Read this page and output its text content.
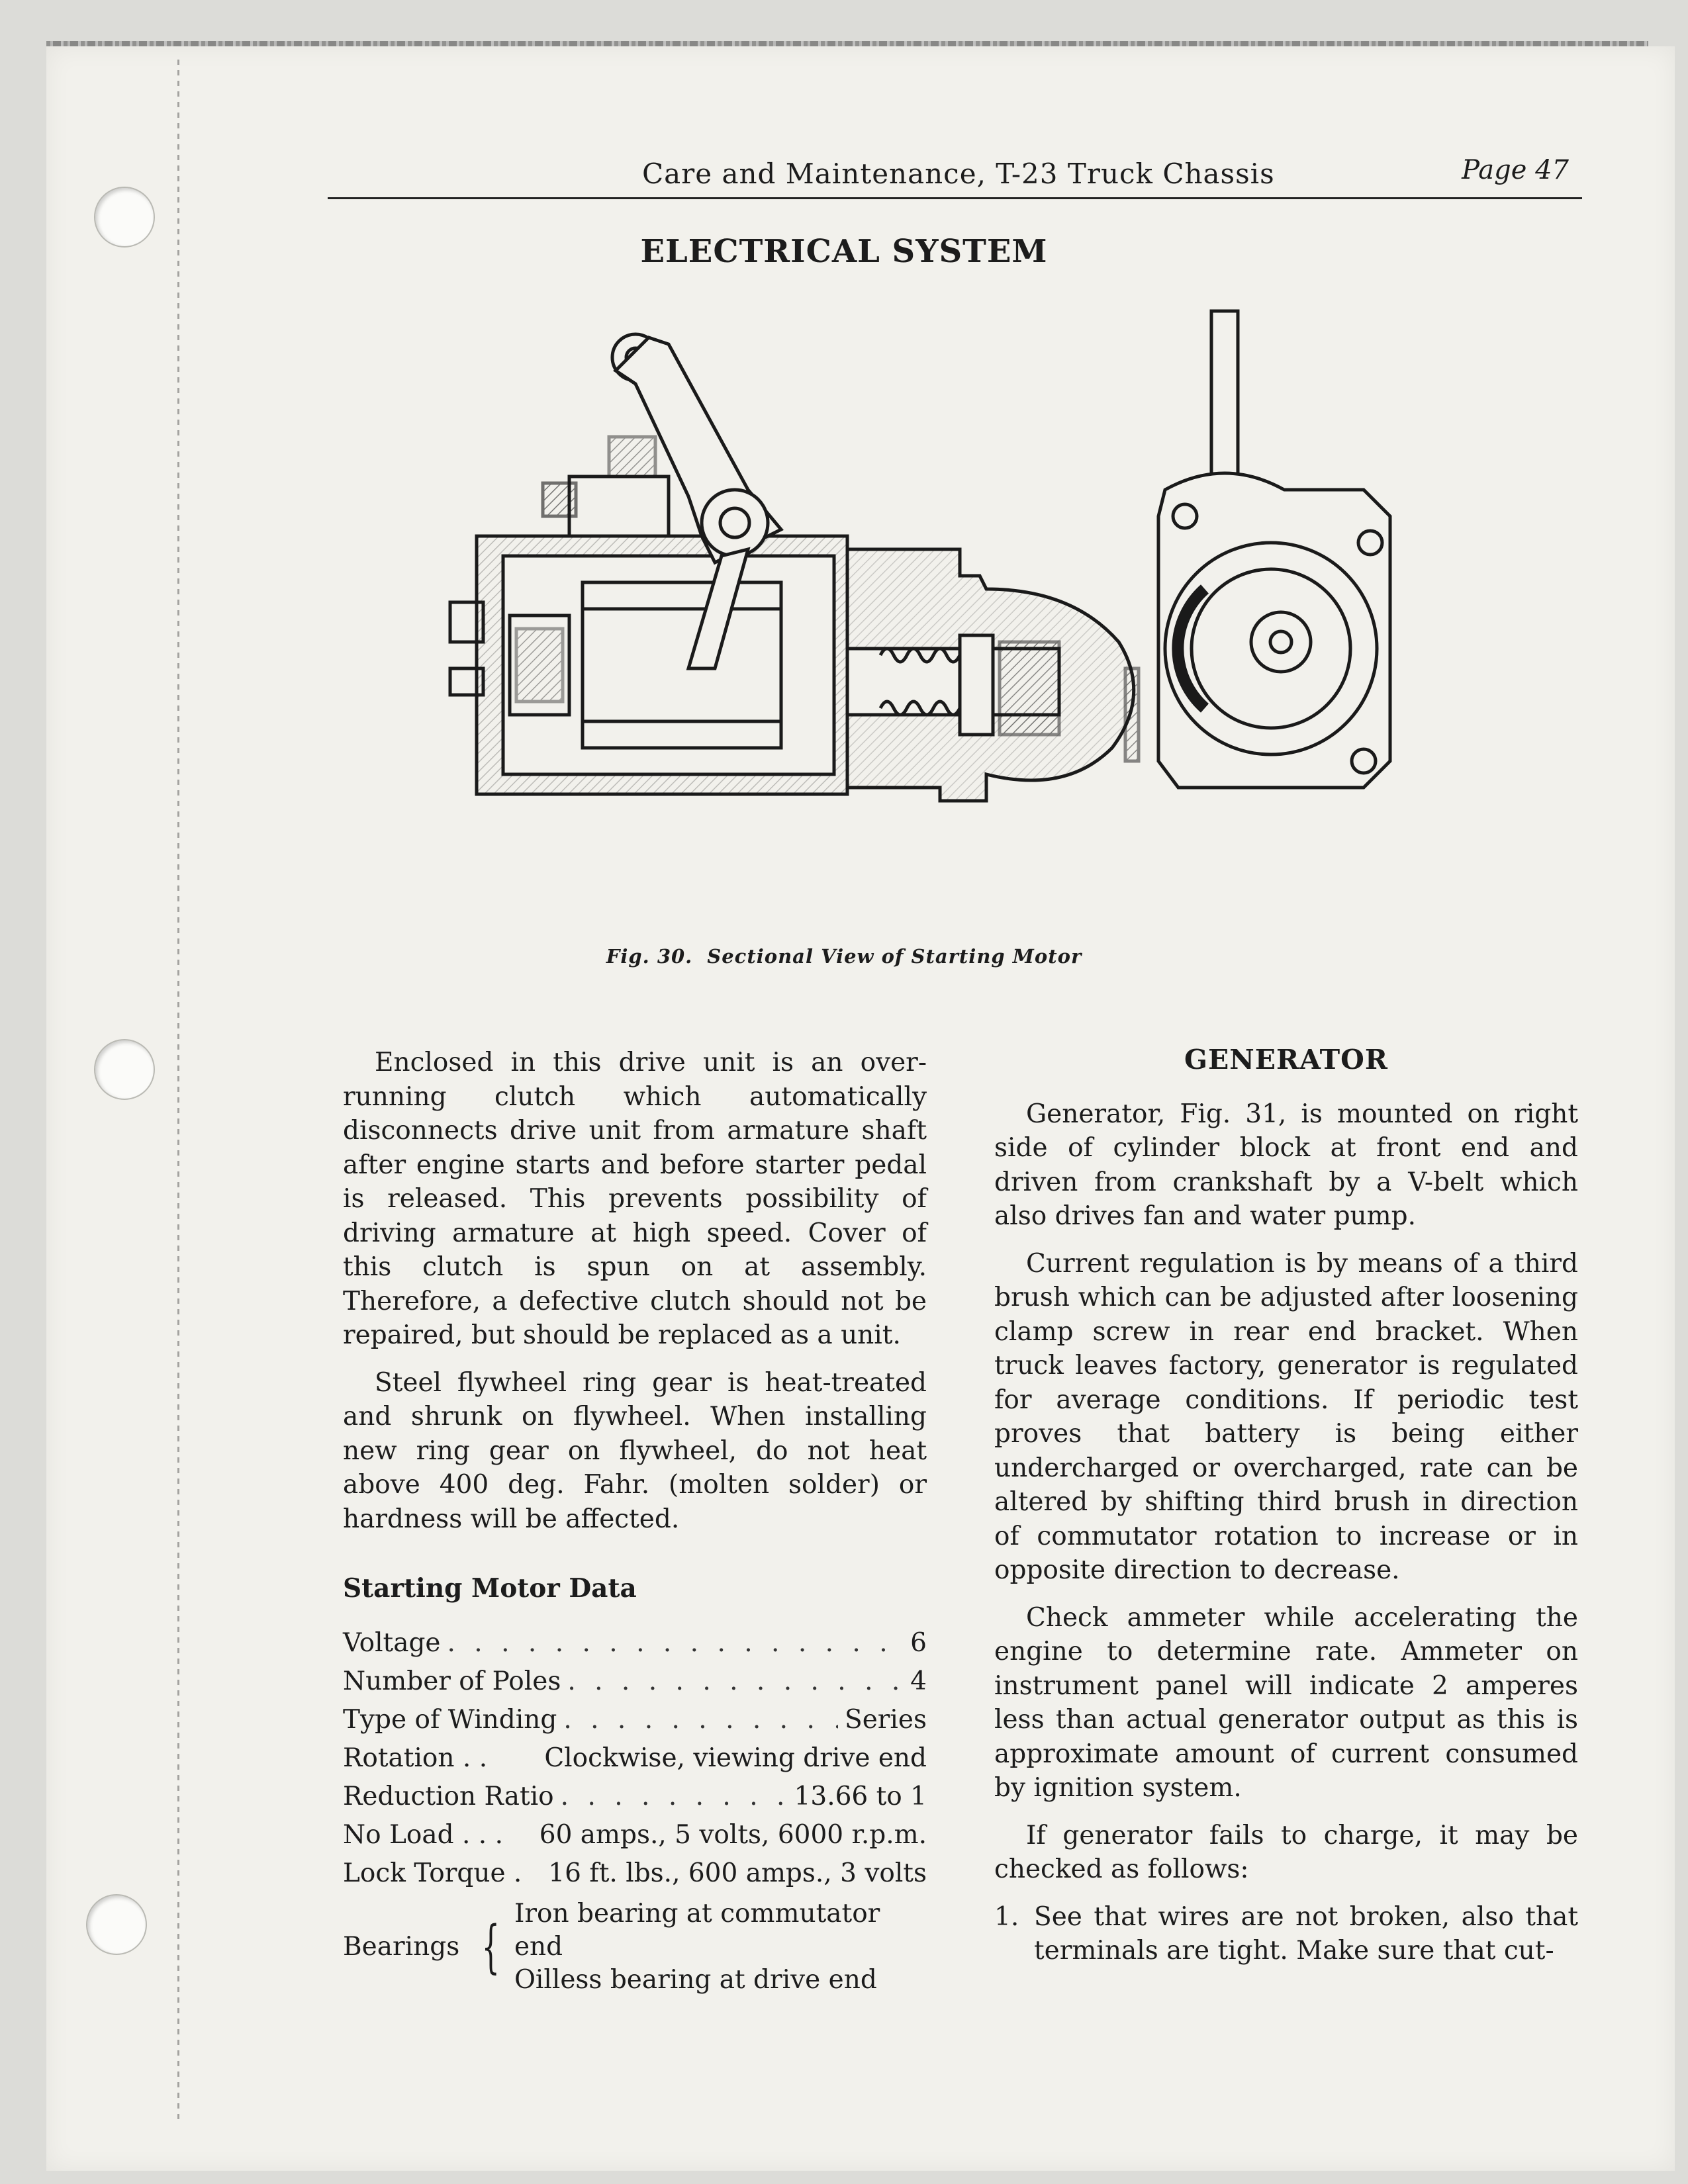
Care and Maintenance, T-23 Truck Chassis	Page 47
ELECTRICAL SYSTEM
Fig. 30. Sectional View of Starting Motor

Enclosed in this drive unit is an over-running clutch which automatically disconnects drive unit from armature shaft after engine starts and before starter pedal is released. This prevents possibility of driving armature at high speed. Cover of this clutch is spun on at assembly. Therefore, a defective clutch should not be repaired, but should be replaced as a unit.

Steel flywheel ring gear is heat-treated and shrunk on flywheel. When installing new ring gear on flywheel, do not heat above 400 deg. Fahr. (molten solder) or hardness will be affected.

Starting Motor Data
Voltage . . .	6
Number of Poles . . .	4
Type of Winding . . .	Series
Rotation . . Clockwise, viewing drive end
Reduction Ratio . . .	13.66 to 1
No Load . . . 60 amps., 5 volts, 6000 r.p.m.
Lock Torque . 16 ft. lbs., 600 amps., 3 volts
Bearings {
Iron bearing at commutator end
Oilless bearing at drive end
GENERATOR

Generator, Fig. 31, is mounted on right side of cylinder block at front end and driven from crankshaft by a V-belt which also drives fan and water pump.

Current regulation is by means of a third brush which can be adjusted after loosening clamp screw in rear end bracket. When truck leaves factory, generator is regulated for average conditions. If periodic test proves that battery is being either undercharged or overcharged, rate can be altered by shifting third brush in direction of commutator rotation to increase or in opposite direction to decrease.

Check ammeter while accelerating the engine to determine rate. Ammeter on instrument panel will indicate 2 amperes less than actual generator output as this is approximate amount of current consumed by ignition system.

If generator fails to charge, it may be checked as follows:

1. See that wires are not broken, also that terminals are tight. Make sure that cut-
